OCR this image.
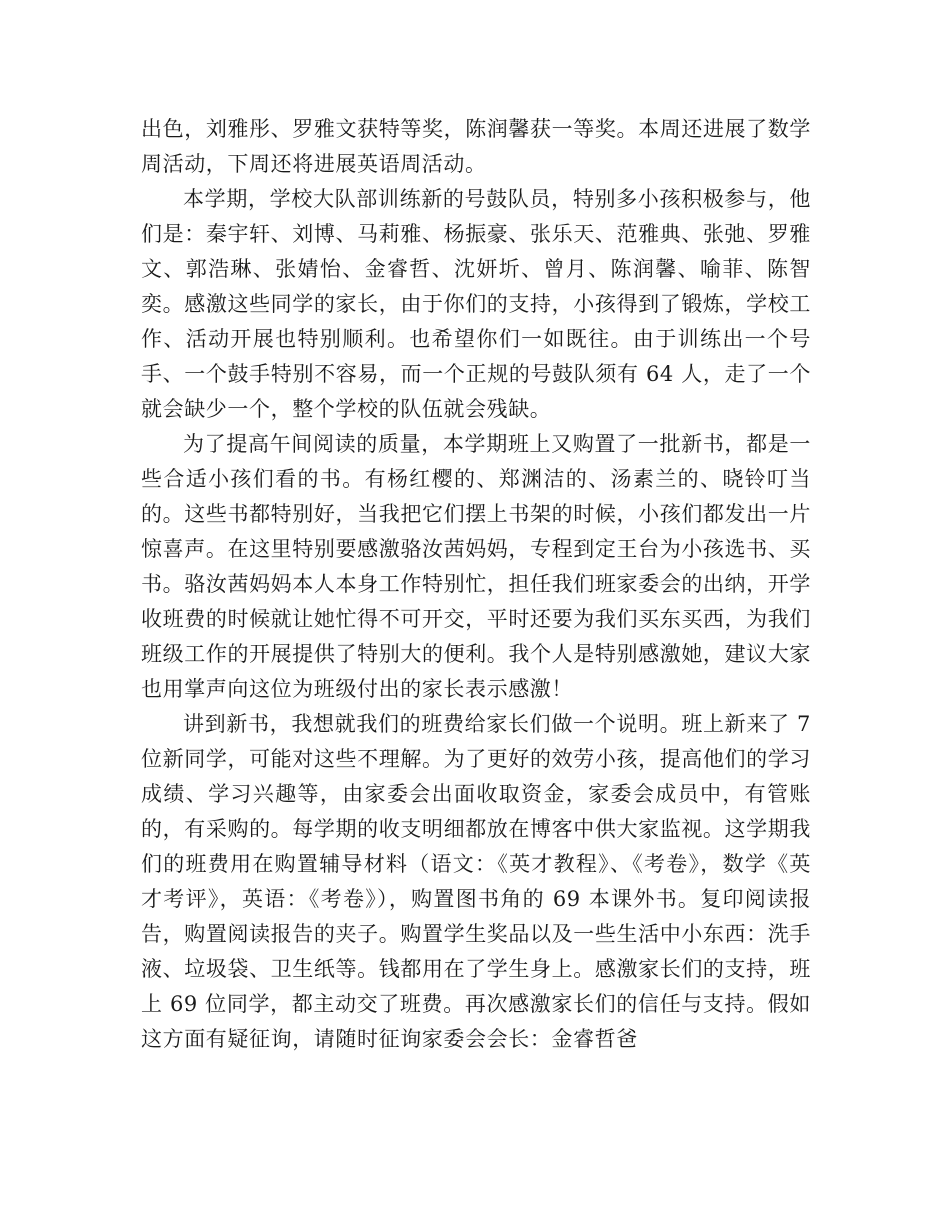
出色，刘雅彤、罗雅文获特等奖，陈润馨获一等奖。本周还进展了数学周活动，下周还将进展英语周活动。

本学期，学校大队部训练新的号鼓队员，特别多小孩积极参与，他们是：秦宇轩、刘博、马莉雅、杨振豪、张乐天、范雅典、张弛、罗雅文、郭浩琳、张婧怡、金睿哲、沈妍圻、曾月、陈润馨、喻菲、陈智奕。感激这些同学的家长，由于你们的支持，小孩得到了锻炼，学校工作、活动开展也特别顺利。也希望你们一如既往。由于训练出一个号手、一个鼓手特别不容易，而一个正规的号鼓队须有 64 人，走了一个就会缺少一个，整个学校的队伍就会残缺。

为了提高午间阅读的质量，本学期班上又购置了一批新书，都是一些合适小孩们看的书。有杨红樱的、郑渊洁的、汤素兰的、晓铃叮当的。这些书都特别好，当我把它们摆上书架的时候，小孩们都发出一片惊喜声。在这里特别要感激骆汝茜妈妈，专程到定王台为小孩选书、买书。骆汝茜妈妈本人本身工作特别忙，担任我们班家委会的出纳，开学收班费的时候就让她忙得不可开交，平时还要为我们买东买西，为我们班级工作的开展提供了特别大的便利。我个人是特别感激她，建议大家也用掌声向这位为班级付出的家长表示感激！

讲到新书，我想就我们的班费给家长们做一个说明。班上新来了 7 位新同学，可能对这些不理解。为了更好的效劳小孩，提高他们的学习成绩、学习兴趣等，由家委会出面收取资金，家委会成员中，有管账的，有采购的。每学期的收支明细都放在博客中供大家监视。这学期我们的班费用在购置辅导材料（语文：《英才教程》、《考卷》，数学《英才考评》，英语：《考卷》），购置图书角的 69 本课外书。复印阅读报告，购置阅读报告的夹子。购置学生奖品以及一些生活中小东西：洗手液、垃圾袋、卫生纸等。钱都用在了学生身上。感激家长们的支持，班上 69 位同学，都主动交了班费。再次感激家长们的信任与支持。假如这方面有疑征询，请随时征询家委会会长：金睿哲爸
